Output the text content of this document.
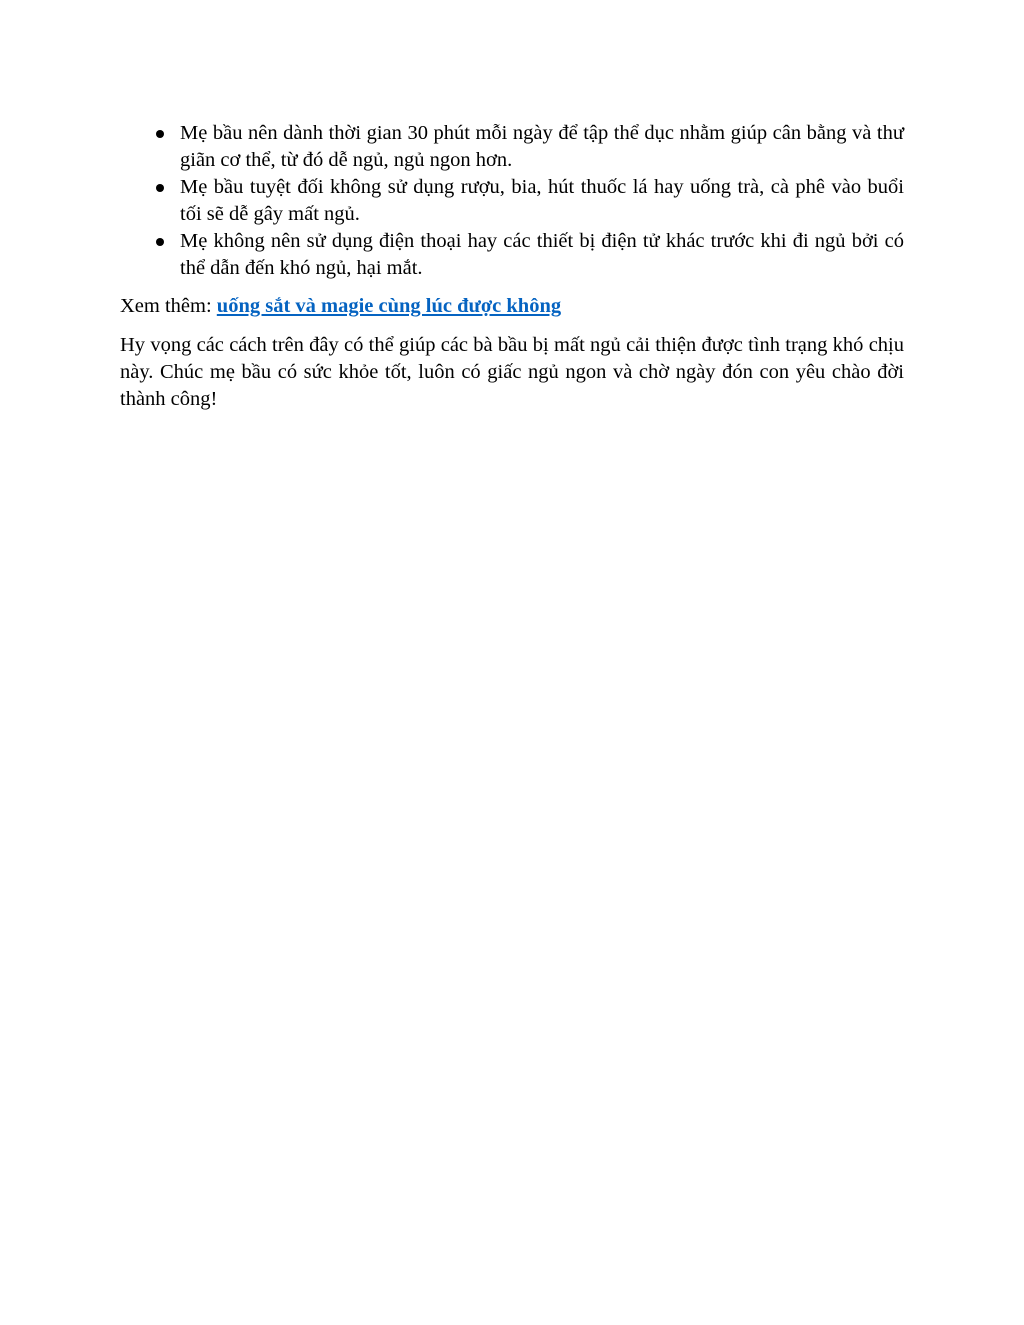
Mẹ bầu nên dành thời gian 30 phút mỗi ngày để tập thể dục nhằm giúp cân bằng và thư giãn cơ thể, từ đó dễ ngủ, ngủ ngon hơn.
Mẹ bầu tuyệt đối không sử dụng rượu, bia, hút thuốc lá hay uống trà, cà phê vào buổi tối sẽ dễ gây mất ngủ.
Mẹ không nên sử dụng điện thoại hay các thiết bị điện tử khác trước khi đi ngủ bởi có thể dẫn đến khó ngủ, hại mắt.

Xem thêm: uống sắt và magie cùng lúc được không

Hy vọng các cách trên đây có thể giúp các bà bầu bị mất ngủ cải thiện được tình trạng khó chịu này. Chúc mẹ bầu có sức khỏe tốt, luôn có giấc ngủ ngon và chờ ngày đón con yêu chào đời thành công!
